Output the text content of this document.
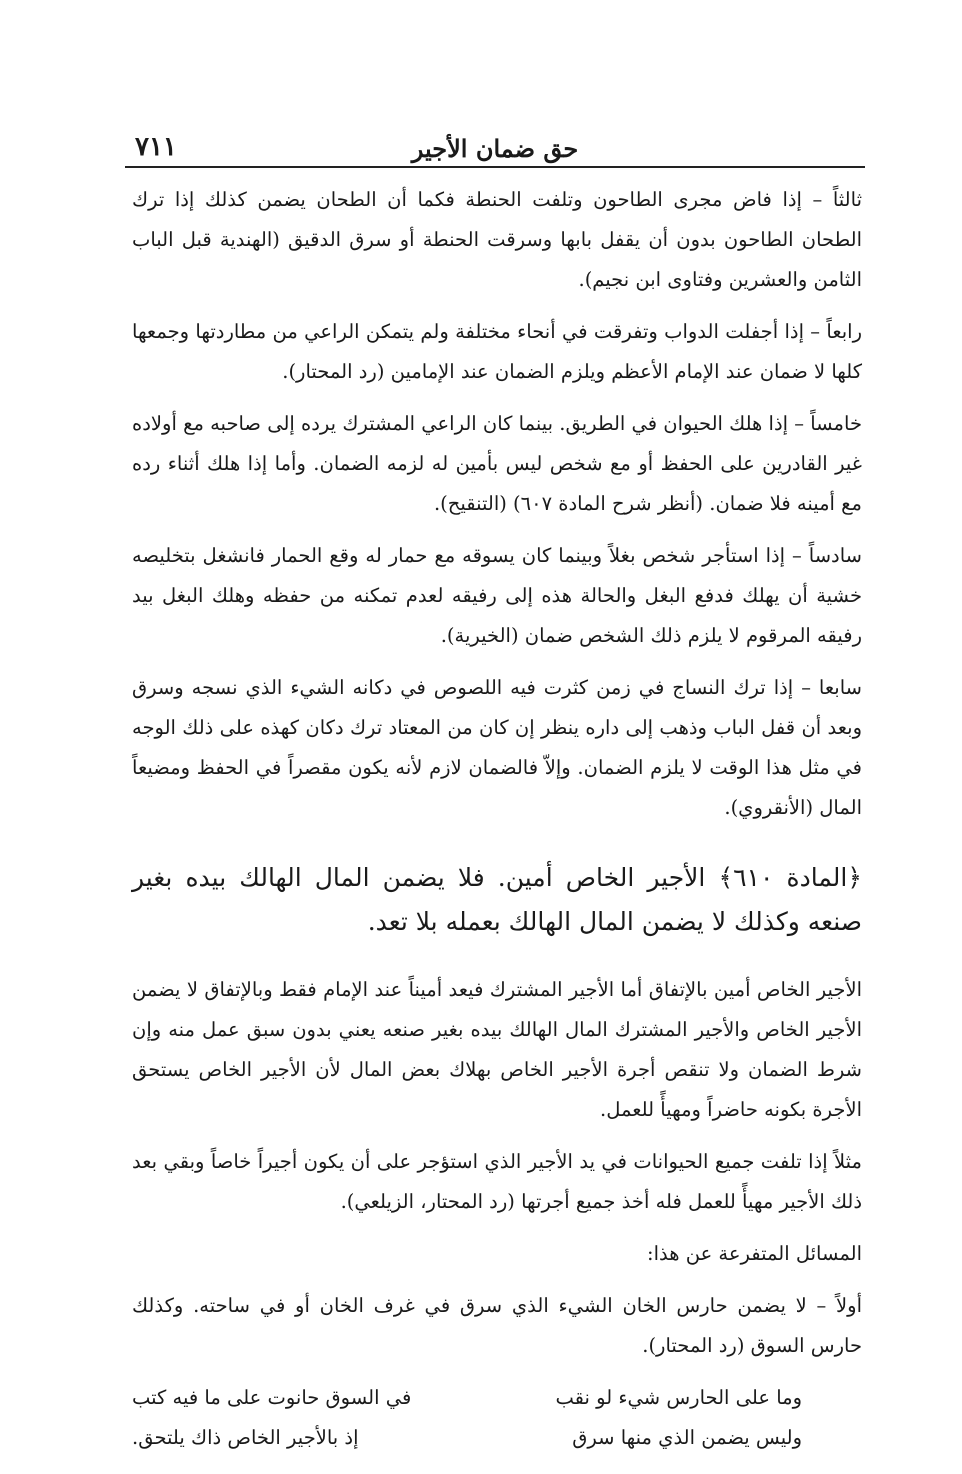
حق ضمان الأجير
٧١١

ثالثاً – إذا فاض مجرى الطاحون وتلفت الحنطة فكما أن الطحان يضمن كذلك إذا ترك الطحان الطاحون بدون أن يقفل بابها وسرقت الحنطة أو سرق الدقيق (الهندية قبل الباب الثامن والعشرين وفتاوى ابن نجيم).

رابعاً – إذا أجفلت الدواب وتفرقت في أنحاء مختلفة ولم يتمكن الراعي من مطاردتها وجمعها كلها لا ضمان عند الإمام الأعظم ويلزم الضمان عند الإمامين (رد المحتار).

خامساً – إذا هلك الحيوان في الطريق. بينما كان الراعي المشترك يرده إلى صاحبه مع أولاده غير القادرين على الحفظ أو مع شخص ليس بأمين له لزمه الضمان. وأما إذا هلك أثناء رده مع أمينه فلا ضمان. (أنظر شرح المادة ٦٠٧) (التنقيح).

سادساً – إذا استأجر شخص بغلاً وبينما كان يسوقه مع حمار له وقع الحمار فانشغل بتخليصه خشية أن يهلك فدفع البغل والحالة هذه إلى رفيقه لعدم تمكنه من حفظه وهلك البغل بيد رفيقه المرقوم لا يلزم ذلك الشخص ضمان (الخيرية).

سابعا – إذا ترك النساج في زمن كثرت فيه اللصوص في دكانه الشيء الذي نسجه وسرق وبعد أن قفل الباب وذهب إلى داره ينظر إن كان من المعتاد ترك دكان كهذه على ذلك الوجه في مثل هذا الوقت لا يلزم الضمان. وإلاّ فالضمان لازم لأنه يكون مقصراً في الحفظ ومضيعاً المال (الأنقروي).

﴿المادة ٦١٠﴾ الأجير الخاص أمين. فلا يضمن المال الهالك بيده بغير صنعه وكذلك لا يضمن المال الهالك بعمله بلا تعد.

الأجير الخاص أمين بالإتفاق أما الأجير المشترك فيعد أميناً عند الإمام فقط وبالإتفاق لا يضمن الأجير الخاص والأجير المشترك المال الهالك بيده بغير صنعه يعني بدون سبق عمل منه وإن شرط الضمان ولا تنقص أجرة الأجير الخاص بهلاك بعض المال لأن الأجير الخاص يستحق الأجرة بكونه حاضراً ومهيأً للعمل.

مثلاً إذا تلفت جميع الحيوانات في يد الأجير الذي استؤجر على أن يكون أجيراً خاصاً وبقي بعد ذلك الأجير مهيأً للعمل فله أخذ جميع أجرتها (رد المحتار، الزيلعي).

المسائل المتفرعة عن هذا:

أولاً – لا يضمن حارس الخان الشيء الذي سرق في غرف الخان أو في ساحته. وكذلك حارس السوق (رد المحتار).

وما على الحارس شيء لو نقب
في السوق حانوت على ما فيه كتب
وليس يضمن الذي منها سرق
إذ بالأجير الخاص ذاك يلتحق.
